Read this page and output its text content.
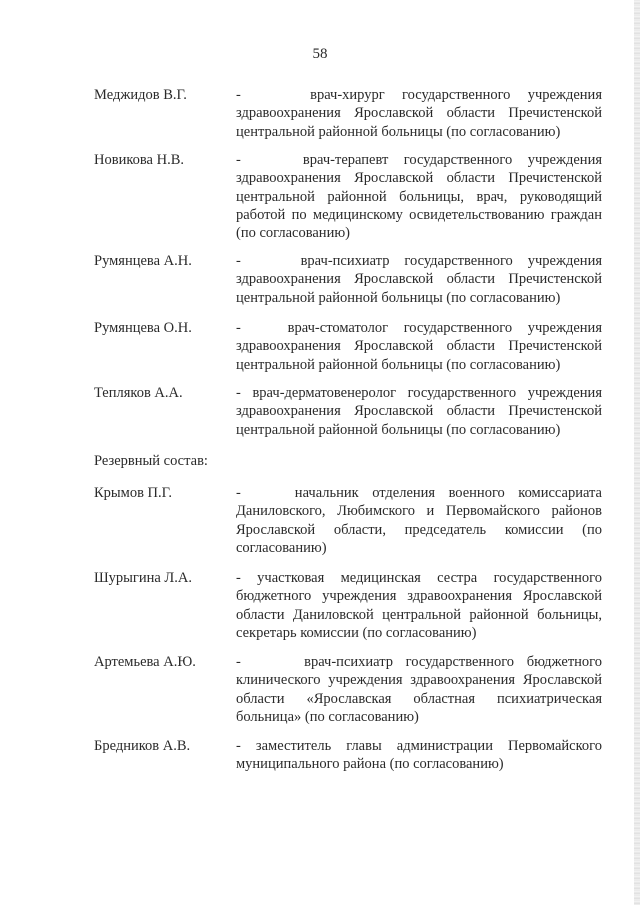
58
Меджидов В.Г.	-    врач-хирург государственного учреждения здравоохранения Ярославской области Пречистенской центральной районной больницы (по согласованию)
Новикова Н.В.	-    врач-терапевт государственного учреждения здравоохранения Ярославской области Пречистенской центральной районной больницы, врач, руководящий работой по медицинскому освидетельствованию граждан (по согласованию)
Румянцева А.Н.	-    врач-психиатр государственного учреждения здравоохранения Ярославской области Пречистенской центральной районной больницы (по согласованию)
Румянцева О.Н.	-   врач-стоматолог государственного учреждения здравоохранения Ярославской области Пречистенской центральной районной больницы (по согласованию)
Тепляков А.А.	- врач-дерматовенеролог государственного учреждения здравоохранения Ярославской области Пречистенской центральной районной больницы (по согласованию)
Резервный состав:
Крымов П.Г.	-    начальник отделения военного комиссариата Даниловского, Любимского и Первомайского районов Ярославской области, председатель комиссии (по согласованию)
Шурыгина Л.А.	- участковая медицинская сестра государственного бюджетного учреждения здравоохранения Ярославской области Даниловской центральной районной больницы, секретарь комиссии (по согласованию)
Артемьева А.Ю.	-     врач-психиатр государственного бюджетного клинического учреждения здравоохранения Ярославской области «Ярославская областная психиатрическая больница» (по согласованию)
Бредников А.В.	- заместитель главы администрации Первомайского муниципального района (по согласованию)
